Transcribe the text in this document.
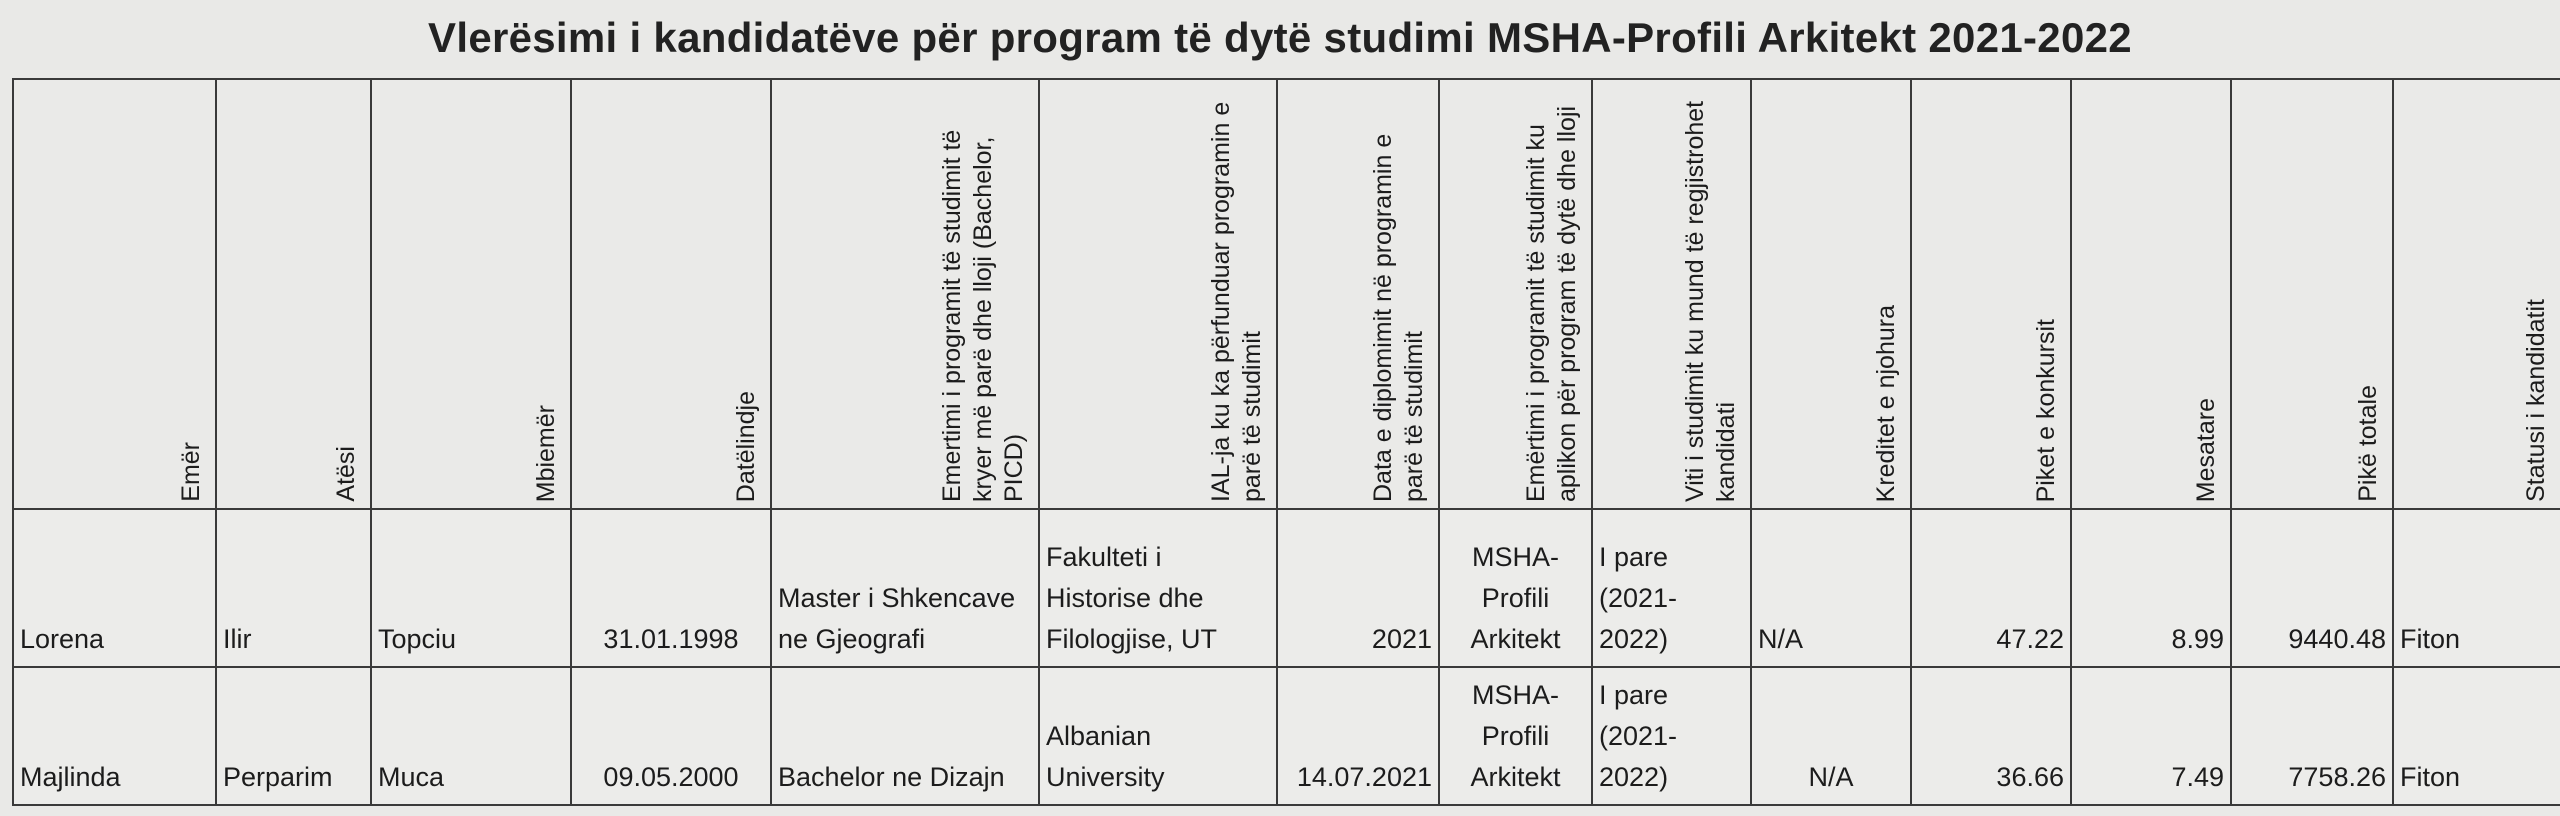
Vlerësimi i kandidatëve për program të dytë studimi MSHA-Profili Arkitekt 2021-2022
Emër	Atësi	Mbiemër	Datëlindje	Emertimi i programit të studimit të kryer më parë dhe lloji (Bachelor, PICD)	IAL-ja ku ka përfunduar programin e parë të studimit	Data e diplomimit në programin e parë të studimit	Emërtimi i programit të studimit ku aplikon për program të dytë dhe lloji	Viti i studimit ku mund të regjistrohet kandidati	Kreditet e njohura	Piket e konkursit	Mesatare	Pikë totale	Statusi i kandidatit

Lorena	Ilir	Topciu	31.01.1998	Master i Shkencave ne Gjeografi	Fakulteti i Historise dhe Filologjise, UT	2021	MSHA-Profili Arkitekt	I pare (2021-2022)	N/A	47.22	8.99	9440.48	Fiton
Majlinda	Perparim	Muca	09.05.2000	Bachelor ne Dizajn	Albanian University	14.07.2021	MSHA-Profili Arkitekt	I pare (2021-2022)	N/A	36.66	7.49	7758.26	Fiton
